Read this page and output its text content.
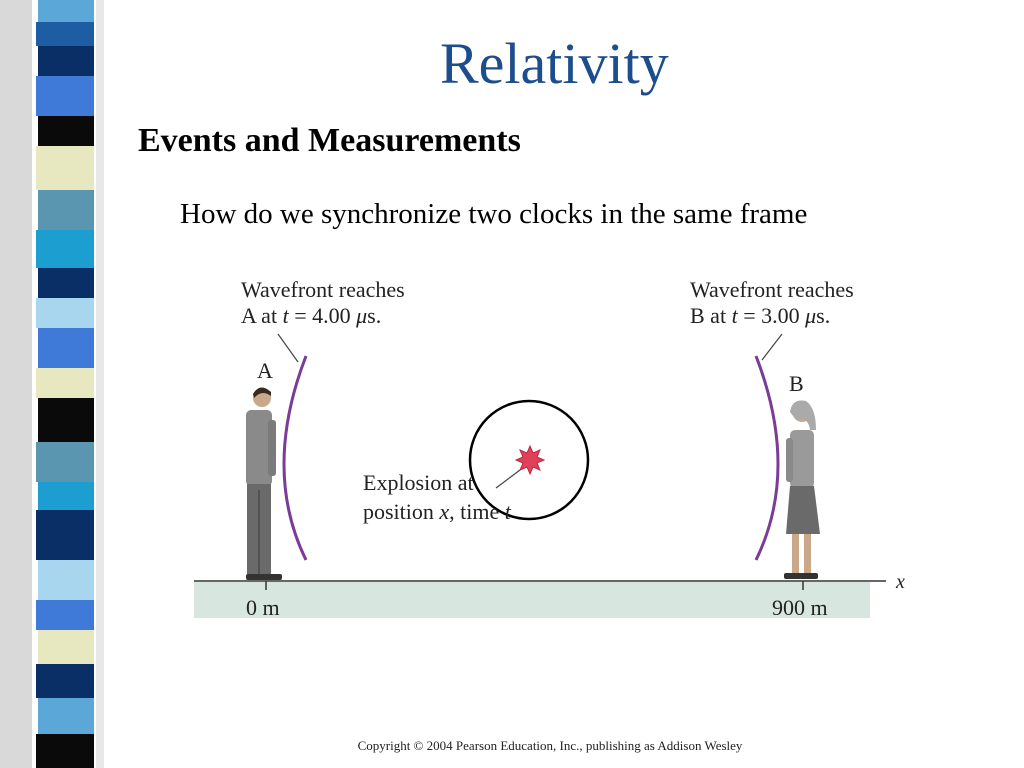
Relativity
Events and Measurements

How do we synchronize two clocks in the same frame

x
0 m	900 m
Wavefront reaches A at t = 4.00 μs.
Wavefront reaches B at t = 3.00 μs.
A
B
Explosion at position x, time t

Copyright © 2004 Pearson Education, Inc., publishing as Addison Wesley
